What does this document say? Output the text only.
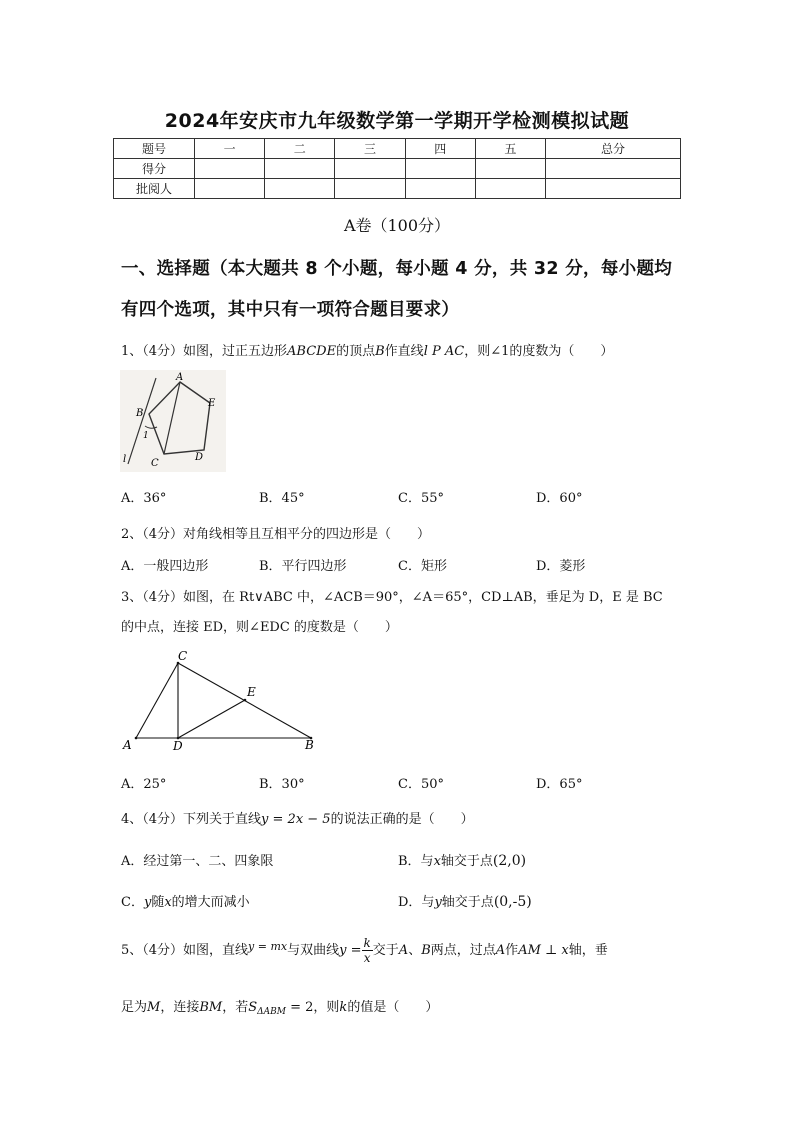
2024年安庆市九年级数学第一学期开学检测模拟试题
题号	一	二	三	四	五	总分
得分						
批阅人						
A卷（100分）
一、选择题（本大题共 8 个小题，每小题 4 分，共 32 分，每小题均
有四个选项，其中只有一项符合题目要求）
1、（4分）如图，过正五边形ABCDE的顶点B作直线l P AC，则∠1的度数为（　　）
A
B
C
D
E
1
l
A．36°	B．45°	C．55°	D．60°
2、（4分）对角线相等且互相平分的四边形是（　　）
A．一般四边形	B．平行四边形	C．矩形	D．菱形
3、（4分）如图，在 Rt∨ABC 中，∠ACB＝90°，∠A＝65°，CD⊥AB，垂足为 D，E 是 BC
的中点，连接 ED，则∠EDC 的度数是（　　）
A	B
C
D
E
A．25°	B．30°	C．50°	D．65°
4、（4分）下列关于直线y = 2x − 5的说法正确的是（　　）
A．经过第一、二、四象限	B．与x轴交于点(2,0)
C．y随x的增大而减小	D．与y轴交于点(0,-5)
5、（4分）如图，直线$^{y = mx}$与双曲线$y = \frac{k}{x}$ 交于A、B两点，过点A作AM ⊥ x轴，垂
足为M，连接BM，若$S_{\Delta ABM} = 2$，则k的值是（　　）
